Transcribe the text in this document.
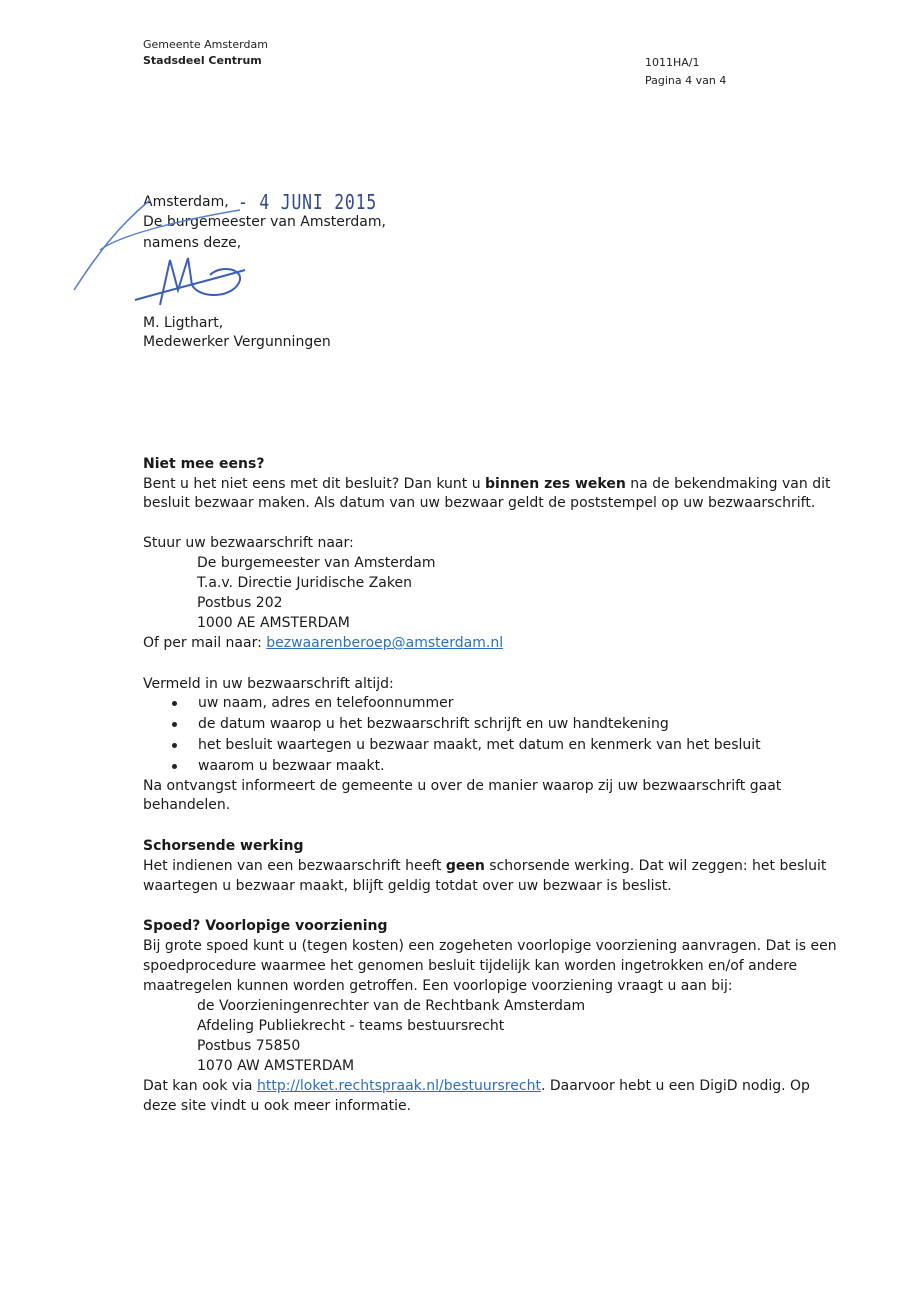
Gemeente Amsterdam
Stadsdeel Centrum	1011HA/1
Pagina 4 van 4
Amsterdam, - 4 JUNI 2015
De burgemeester van Amsterdam,
namens deze,
M. Ligthart,
Medewerker Vergunningen
Niet mee eens?
Bent u het niet eens met dit besluit? Dan kunt u binnen zes weken na de bekendmaking van dit
besluit bezwaar maken. Als datum van uw bezwaar geldt de poststempel op uw bezwaarschrift.
Stuur uw bezwaarschrift naar:
De burgemeester van Amsterdam
T.a.v. Directie Juridische Zaken
Postbus 202
1000 AE AMSTERDAM
Of per mail naar: bezwaarenberoep@amsterdam.nl
Vermeld in uw bezwaarschrift altijd:
uw naam, adres en telefoonnummer
de datum waarop u het bezwaarschrift schrijft en uw handtekening
het besluit waartegen u bezwaar maakt, met datum en kenmerk van het besluit
waarom u bezwaar maakt.
Na ontvangst informeert de gemeente u over de manier waarop zij uw bezwaarschrift gaat
behandelen.
Schorsende werking
Het indienen van een bezwaarschrift heeft geen schorsende werking. Dat wil zeggen: het besluit
waartegen u bezwaar maakt, blijft geldig totdat over uw bezwaar is beslist.
Spoed? Voorlopige voorziening
Bij grote spoed kunt u (tegen kosten) een zogeheten voorlopige voorziening aanvragen. Dat is een
spoedprocedure waarmee het genomen besluit tijdelijk kan worden ingetrokken en/of andere
maatregelen kunnen worden getroffen. Een voorlopige voorziening vraagt u aan bij:
de Voorzieningenrechter van de Rechtbank Amsterdam
Afdeling Publiekrecht - teams bestuursrecht
Postbus 75850
1070 AW AMSTERDAM
Dat kan ook via http://loket.rechtspraak.nl/bestuursrecht. Daarvoor hebt u een DigiD nodig. Op
deze site vindt u ook meer informatie.
